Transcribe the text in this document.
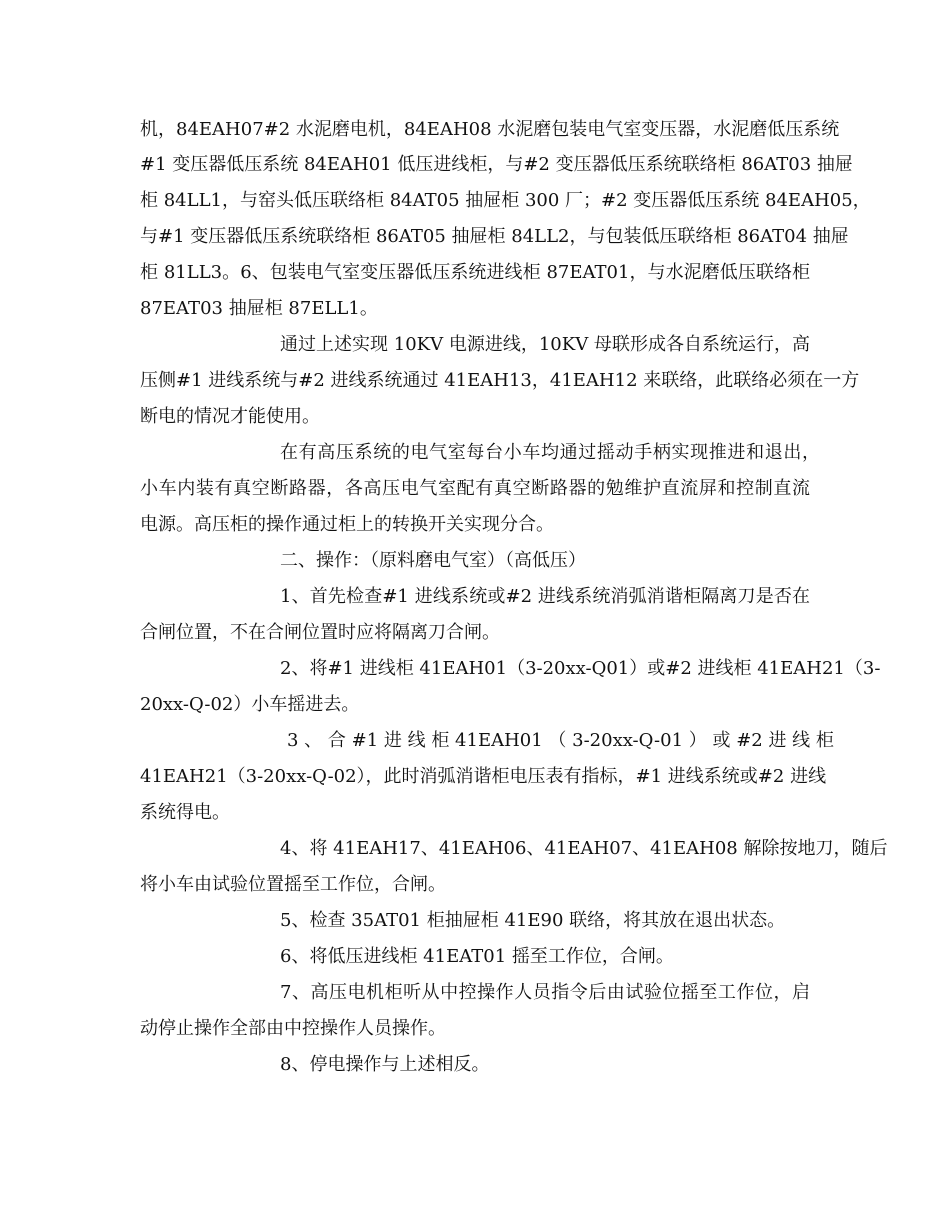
机，84EAH07#2 水泥磨电机，84EAH08 水泥磨包装电气室变压器，水泥磨低压系统
#1 变压器低压系统 84EAH01 低压进线柜，与#2 变压器低压系统联络柜 86AT03 抽屉
柜 84LL1，与窑头低压联络柜 84AT05 抽屉柜 300 厂；#2 变压器低压系统 84EAH05，
与#1 变压器低压系统联络柜 86AT05 抽屉柜 84LL2，与包装低压联络柜 86AT04 抽屉
柜 81LL3。6、包装电气室变压器低压系统进线柜 87EAT01，与水泥磨低压联络柜
87EAT03 抽屉柜 87ELL1。
通过上述实现 10KV 电源进线，10KV 母联形成各自系统运行，高
压侧#1 进线系统与#2 进线系统通过 41EAH13，41EAH12 来联络，此联络必须在一方
断电的情况才能使用。
在有高压系统的电气室每台小车均通过摇动手柄实现推进和退出，
小车内装有真空断路器，各高压电气室配有真空断路器的勉维护直流屏和控制直流
电源。高压柜的操作通过柜上的转换开关实现分合。
二、操作：（原料磨电气室）（高低压）
1、首先检查#1 进线系统或#2 进线系统消弧消谐柜隔离刀是否在
合闸位置，不在合闸位置时应将隔离刀合闸。
2、将#1 进线柜 41EAH01（3-20xx-Q01）或#2 进线柜 41EAH21（3-
20xx-Q-02）小车摇进去。
3 、 合 #1 进 线 柜 41EAH01 （ 3-20xx-Q-01 ） 或 #2 进 线 柜
41EAH21（3-20xx-Q-02），此时消弧消谐柜电压表有指标，#1 进线系统或#2 进线
系统得电。
4、将 41EAH17、41EAH06、41EAH07、41EAH08 解除按地刀，随后
将小车由试验位置摇至工作位，合闸。
5、检查 35AT01 柜抽屉柜 41E90 联络，将其放在退出状态。
6、将低压进线柜 41EAT01 摇至工作位，合闸。
7、高压电机柜听从中控操作人员指令后由试验位摇至工作位，启
动停止操作全部由中控操作人员操作。
8、停电操作与上述相反。
